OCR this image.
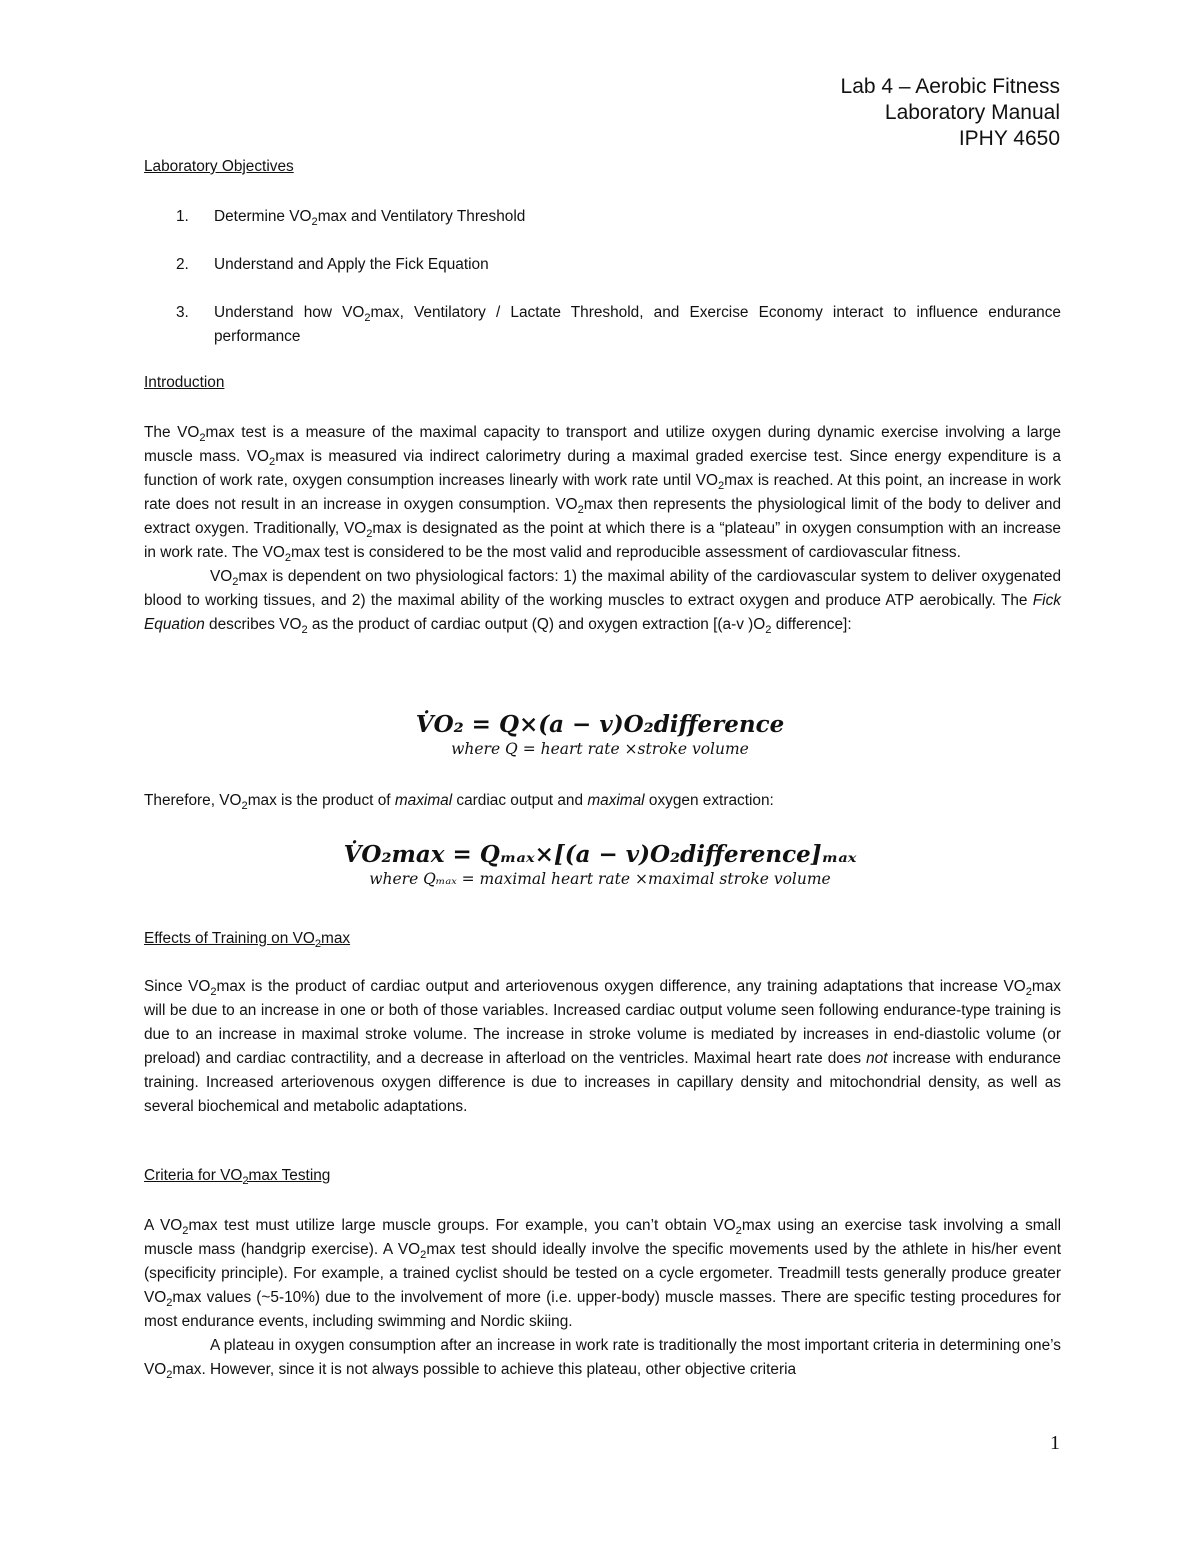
Lab 4 – Aerobic Fitness
Laboratory Manual
IPHY 4650
Laboratory Objectives
1. Determine $VO_2\max$ and Ventilatory Threshold
2. Understand and Apply the Fick Equation
3. Understand how $VO_2\max$, Ventilatory / Lactate Threshold, and Exercise Economy interact to influence endurance performance
Introduction

The $VO_2\max$ test is a measure of the maximal capacity to transport and utilize oxygen during dynamic exercise involving a large muscle mass. $VO_2\max$ is measured via indirect calorimetry during a maximal graded exercise test. Since energy expenditure is a function of work rate, oxygen consumption increases linearly with work rate until $VO_2\max$ is reached. At this point, an increase in work rate does not result in an increase in oxygen consumption. $VO_2\max$ then represents the physiological limit of the body to deliver and extract oxygen. Traditionally, $VO_2\max$ is designated as the point at which there is a “plateau” in oxygen consumption with an increase in work rate. The $VO_2\max$ test is considered to be the most valid and reproducible assessment of cardiovascular fitness.

$VO_2\max$ is dependent on two physiological factors: 1) the maximal ability of the cardiovascular system to deliver oxygenated blood to working tissues, and 2) the maximal ability of the working muscles to extract oxygen and produce ATP aerobically. The Fick Equation describes $VO_2$ as the product of cardiac output (Q) and oxygen extraction [(a-v )$O_2$ difference]:

V̇O₂ = Q×(a − v)O₂difference
where Q = heart rate ×stroke volume

Therefore, $VO_2\max$ is the product of maximal cardiac output and maximal oxygen extraction:

V̇O₂max = Qₘₐₓ×[(a − v)O₂difference]ₘₐₓ
where Qₘₐₓ = maximal heart rate ×maximal stroke volume
Effects of Training on $VO_2\max$

Since $VO_2\max$ is the product of cardiac output and arteriovenous oxygen difference, any training adaptations that increase $VO_2\max$ will be due to an increase in one or both of those variables. Increased cardiac output volume seen following endurance-type training is due to an increase in maximal stroke volume. The increase in stroke volume is mediated by increases in end-diastolic volume (or preload) and cardiac contractility, and a decrease in afterload on the ventricles. Maximal heart rate does not increase with endurance training. Increased arteriovenous oxygen difference is due to increases in capillary density and mitochondrial density, as well as several biochemical and metabolic adaptations.

Criteria for $VO_2\max$ Testing

A $VO_2\max$ test must utilize large muscle groups. For example, you can’t obtain $VO_2\max$ using an exercise task involving a small muscle mass (handgrip exercise). A $VO_2\max$ test should ideally involve the specific movements used by the athlete in his/her event (specificity principle). For example, a trained cyclist should be tested on a cycle ergometer. Treadmill tests generally produce greater $VO_2\max$ values (~5-10%) due to the involvement of more (i.e. upper-body) muscle masses. There are specific testing procedures for most endurance events, including swimming and Nordic skiing.

A plateau in oxygen consumption after an increase in work rate is traditionally the most important criteria in determining one’s $VO_2\max$. However, since it is not always possible to achieve this plateau, other objective criteria

1
